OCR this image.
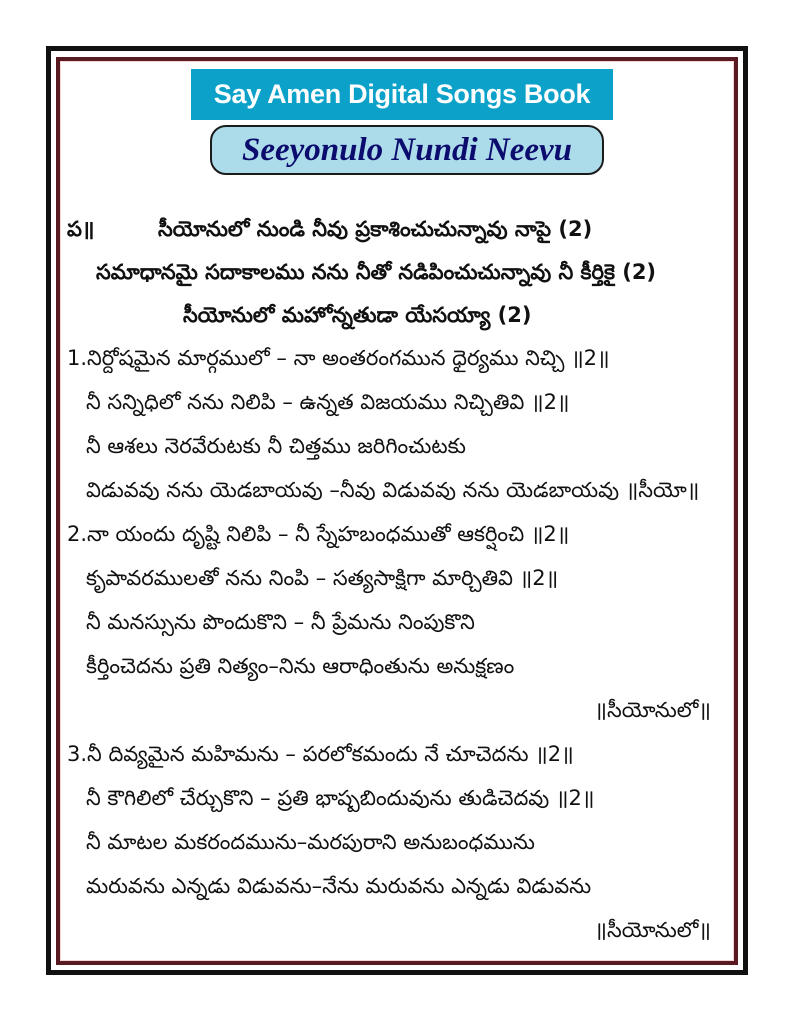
Say Amen Digital Songs Book
Seeyonulo Nundi Neevu
ప॥	సీయోనులో నుండి నీవు ప్రకాశించుచున్నావు నాపై (2)
సమాధానమై సదాకాలము నను నీతో నడిపించుచున్నావు నీ కీర్తికై (2)
సీయోనులో మహోన్నతుడా యేసయ్యా (2)
1.నిర్దోషమైన మార్గములో – నా అంతరంగమున ధైర్యము నిచ్చి ॥2॥
నీ సన్నిధిలో నను నిలిపి – ఉన్నత విజయము నిచ్చితివి ॥2॥
నీ ఆశలు నెరవేరుటకు నీ చిత్తము జరిగించుటకు
విడువవు నను యెడబాయవు –నీవు విడువవు నను యెడబాయవు ॥సీయో॥
2.నా యందు దృష్టి నిలిపి – నీ స్నేహబంధముతో ఆకర్షించి ॥2॥
కృపావరములతో నను నింపి – సత్యసాక్షిగా మార్చితివి ॥2॥
నీ మనస్సును పొందుకొని – నీ ప్రేమను నింపుకొని
కీర్తించెదను ప్రతి నిత్యం–నిను ఆరాధింతును అనుక్షణం
॥సీయోనులో॥
3.నీ దివ్యమైన మహిమను – పరలోకమందు నే చూచెదను ॥2॥
నీ కౌగిలిలో చేర్చుకొని – ప్రతి భాష్పబిందువును తుడిచెదవు ॥2॥
నీ మాటల మకరందమును–మరపురాని అనుబంధమును
మరువను ఎన్నడు విడువను–నేను మరువను ఎన్నడు విడువను
॥సీయోనులో॥
